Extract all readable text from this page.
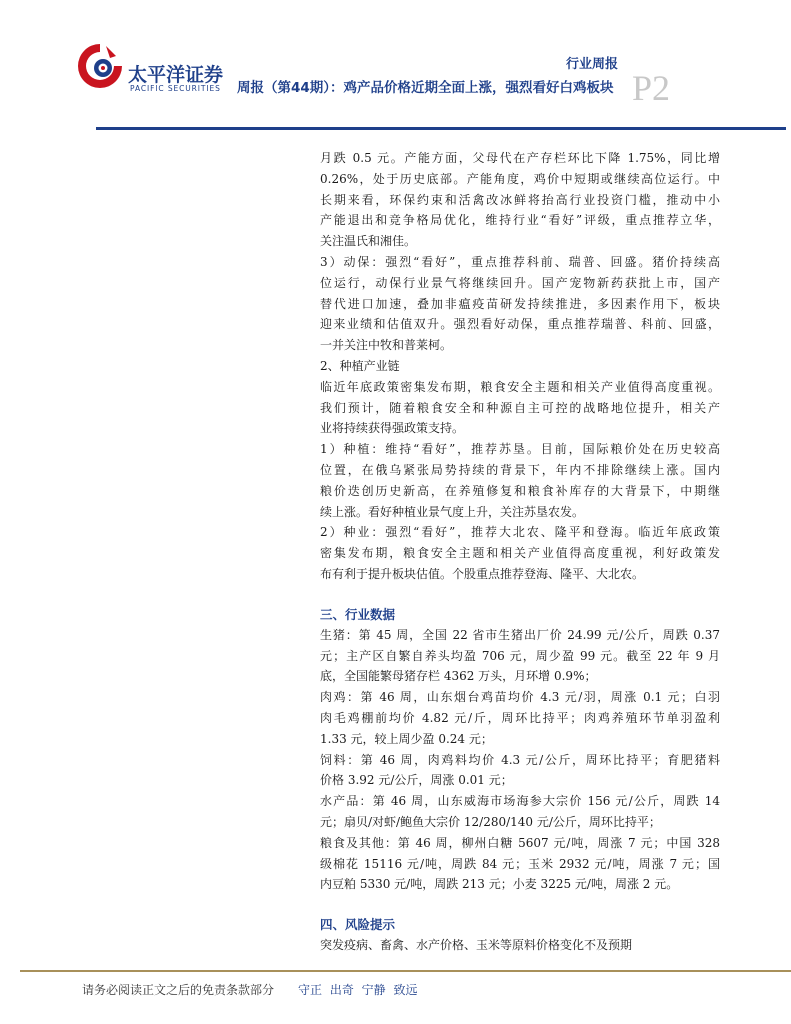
太平洋证券
PACIFIC SECURITIES 周报（第44期）：鸡产品价格近期全面上涨，强烈看好白鸡板块
行业周报
P2
月跌 0.5 元。产能方面，父母代在产存栏环比下降 1.75%，同比增
0.26%，处于历史底部。产能角度，鸡价中短期或继续高位运行。中
长期来看，环保约束和活禽改冰鲜将抬高行业投资门槛，推动中小
产能退出和竞争格局优化，维持行业“看好”评级，重点推荐立华，
关注温氏和湘佳。
3）动保：强烈“看好”，重点推荐科前、瑞普、回盛。猪价持续高
位运行，动保行业景气将继续回升。国产宠物新药获批上市，国产
替代进口加速，叠加非瘟疫苗研发持续推进，多因素作用下，板块
迎来业绩和估值双升。强烈看好动保，重点推荐瑞普、科前、回盛，
一并关注中牧和普莱柯。
2、种植产业链
临近年底政策密集发布期，粮食安全主题和相关产业值得高度重视。
我们预计，随着粮食安全和种源自主可控的战略地位提升，相关产
业将持续获得强政策支持。
1）种植：维持“看好”，推荐苏垦。目前，国际粮价处在历史较高
位置，在俄乌紧张局势持续的背景下，年内不排除继续上涨。国内
粮价迭创历史新高，在养殖修复和粮食补库存的大背景下，中期继
续上涨。看好种植业景气度上升，关注苏垦农发。
2）种业：强烈“看好”，推荐大北农、隆平和登海。临近年底政策
密集发布期，粮食安全主题和相关产业值得高度重视，利好政策发
布有利于提升板块估值。个股重点推荐登海、隆平、大北农。
三、行业数据
生猪：第 45 周，全国 22 省市生猪出厂价 24.99 元/公斤，周跌 0.37
元；主产区自繁自养头均盈 706 元，周少盈 99 元。截至 22 年 9 月
底，全国能繁母猪存栏 4362 万头，月环增 0.9%；
肉鸡：第 46 周，山东烟台鸡苗均价 4.3 元/羽，周涨 0.1 元；白羽
肉毛鸡棚前均价 4.82 元/斤，周环比持平；肉鸡养殖环节单羽盈利
1.33 元，较上周少盈 0.24 元；
饲料：第 46 周，肉鸡料均价 4.3 元/公斤，周环比持平；育肥猪料
价格 3.92 元/公斤，周涨 0.01 元；
水产品：第 46 周，山东威海市场海参大宗价 156 元/公斤，周跌 14
元；扇贝/对虾/鲍鱼大宗价 12/280/140 元/公斤，周环比持平；
粮食及其他：第 46 周，柳州白糖 5607 元/吨，周涨 7 元；中国 328
级棉花 15116 元/吨，周跌 84 元；玉米 2932 元/吨，周涨 7 元；国
内豆粕 5330 元/吨，周跌 213 元；小麦 3225 元/吨，周涨 2 元。
四、风险提示
突发疫病、畜禽、水产价格、玉米等原料价格变化不及预期
请务必阅读正文之后的免责条款部分 守正 出奇 宁静 致远
